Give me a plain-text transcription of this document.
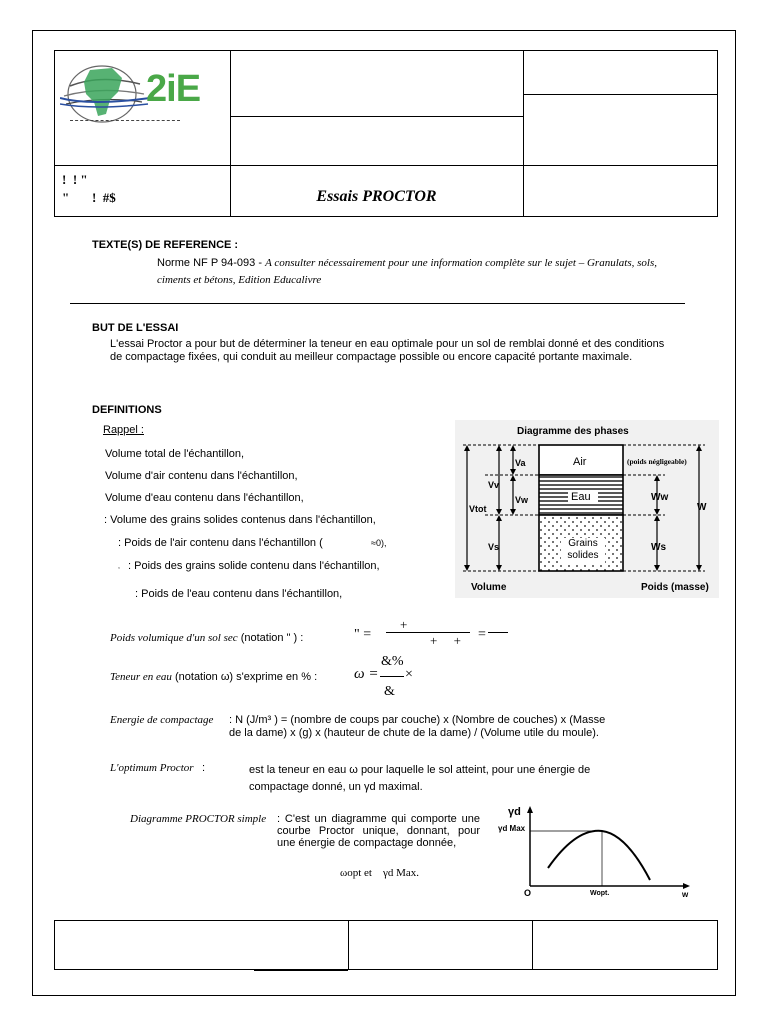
2iE
!  ! "
"       !  #$	Essais PROCTOR
TEXTE(S) DE REFERENCE :
Norme NF P 94-093 - A consulter nécessairement pour une information complète sur le sujet – Granulats, sols, ciments et bétons, Edition Educalivre
BUT DE L'ESSAI
L'essai Proctor a pour but de déterminer la teneur en eau optimale pour un sol de remblai donné et des conditions de compactage fixées, qui conduit au meilleur compactage possible ou encore capacité portante maximale.
DEFINITIONS
Rappel :
Volume total de l'échantillon,
Volume d'air contenu dans l'échantillon,
Volume d'eau contenu dans l'échantillon,
: Volume des grains solides contenus dans l'échantillon,
: Poids de l'air contenu dans l'échantillon (	≈0),
, : Poids des grains solide contenu dans l'échantillon,
: Poids de l'eau contenu dans l'échantillon,
Poids volumique d'un sol sec (notation " ) :	" =
+
+     + =
Teneur en eau (notation ω) s'exprime en % : ω =
&%
&
×
Energie de compactage : N (J/m³ ) = (nombre de coups par couche) x (Nombre de couches) x (Masse de la dame) x (g) x (hauteur de chute de la dame) / (Volume utile du moule).
L'optimum Proctor :	est la teneur en eau ω pour laquelle le sol atteint, pour une énergie de compactage donné, un γd maximal.
Diagramme PROCTOR simple : C'est un diagramme qui comporte une courbe Proctor unique, donnant, pour une énergie de compactage donnée,
ωopt et    γd Max.
Diagramme des phases
Air	(poids négligeable)
Eau
Grains solides
Va
Vv
Vw
Vtot
Vs
Ww
W
Ws
Volume	Poids (masse)
γd
γd Max
O	Wopt.	w
